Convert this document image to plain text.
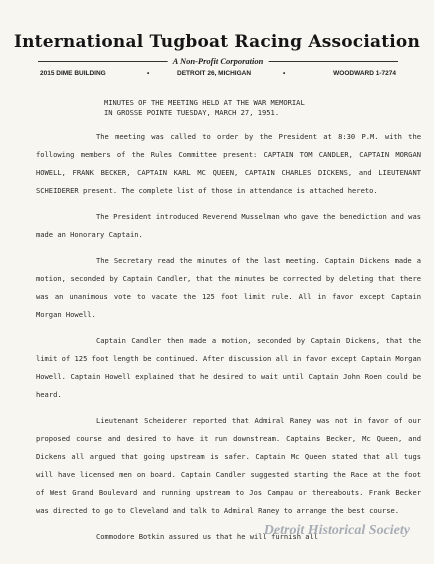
International Tugboat Racing Association
A Non-Profit Corporation
2015 DIME BUILDING	•	DETROIT 26, MICHIGAN	•	WOODWARD 1-7274
MINUTES OF THE MEETING HELD AT THE WAR MEMORIAL
IN GROSSE POINTE TUESDAY, MARCH 27, 1951.

The meeting was called to order by the President at 8:30 P.M. with the following members of the Rules Committee present: CAPTAIN TOM CANDLER, CAPTAIN MORGAN HOWELL, FRANK BECKER, CAPTAIN KARL MC QUEEN, CAPTAIN CHARLES DICKENS, and LIEUTENANT SCHEIDERER present. The complete list of those in attendance is attached hereto.

The President introduced Reverend Musselman who gave the benediction and was made an Honorary Captain.

The Secretary read the minutes of the last meeting. Captain Dickens made a motion, seconded by Captain Candler, that the minutes be corrected by deleting that there was an unanimous vote to vacate the 125 foot limit rule. All in favor except Captain Morgan Howell.

Captain Candler then made a motion, seconded by Captain Dickens, that the limit of 125 foot length be continued. After discussion all in favor except Captain Morgan Howell. Captain Howell explained that he desired to wait until Captain John Roen could be heard.

Lieutenant Scheiderer reported that Admiral Raney was not in favor of our proposed course and desired to have it run downstream. Captains Becker, Mc Queen, and Dickens all argued that going upstream is safer. Captain Mc Queen stated that all tugs will have licensed men on board. Captain Candler suggested starting the Race at the foot of West Grand Boulevard and running upstream to Jos Campau or thereabouts. Frank Becker was directed to go to Cleveland and talk to Admiral Raney to arrange the best course.

Commodore Botkin assured us that he will furnish all

Detroit Historical Society
